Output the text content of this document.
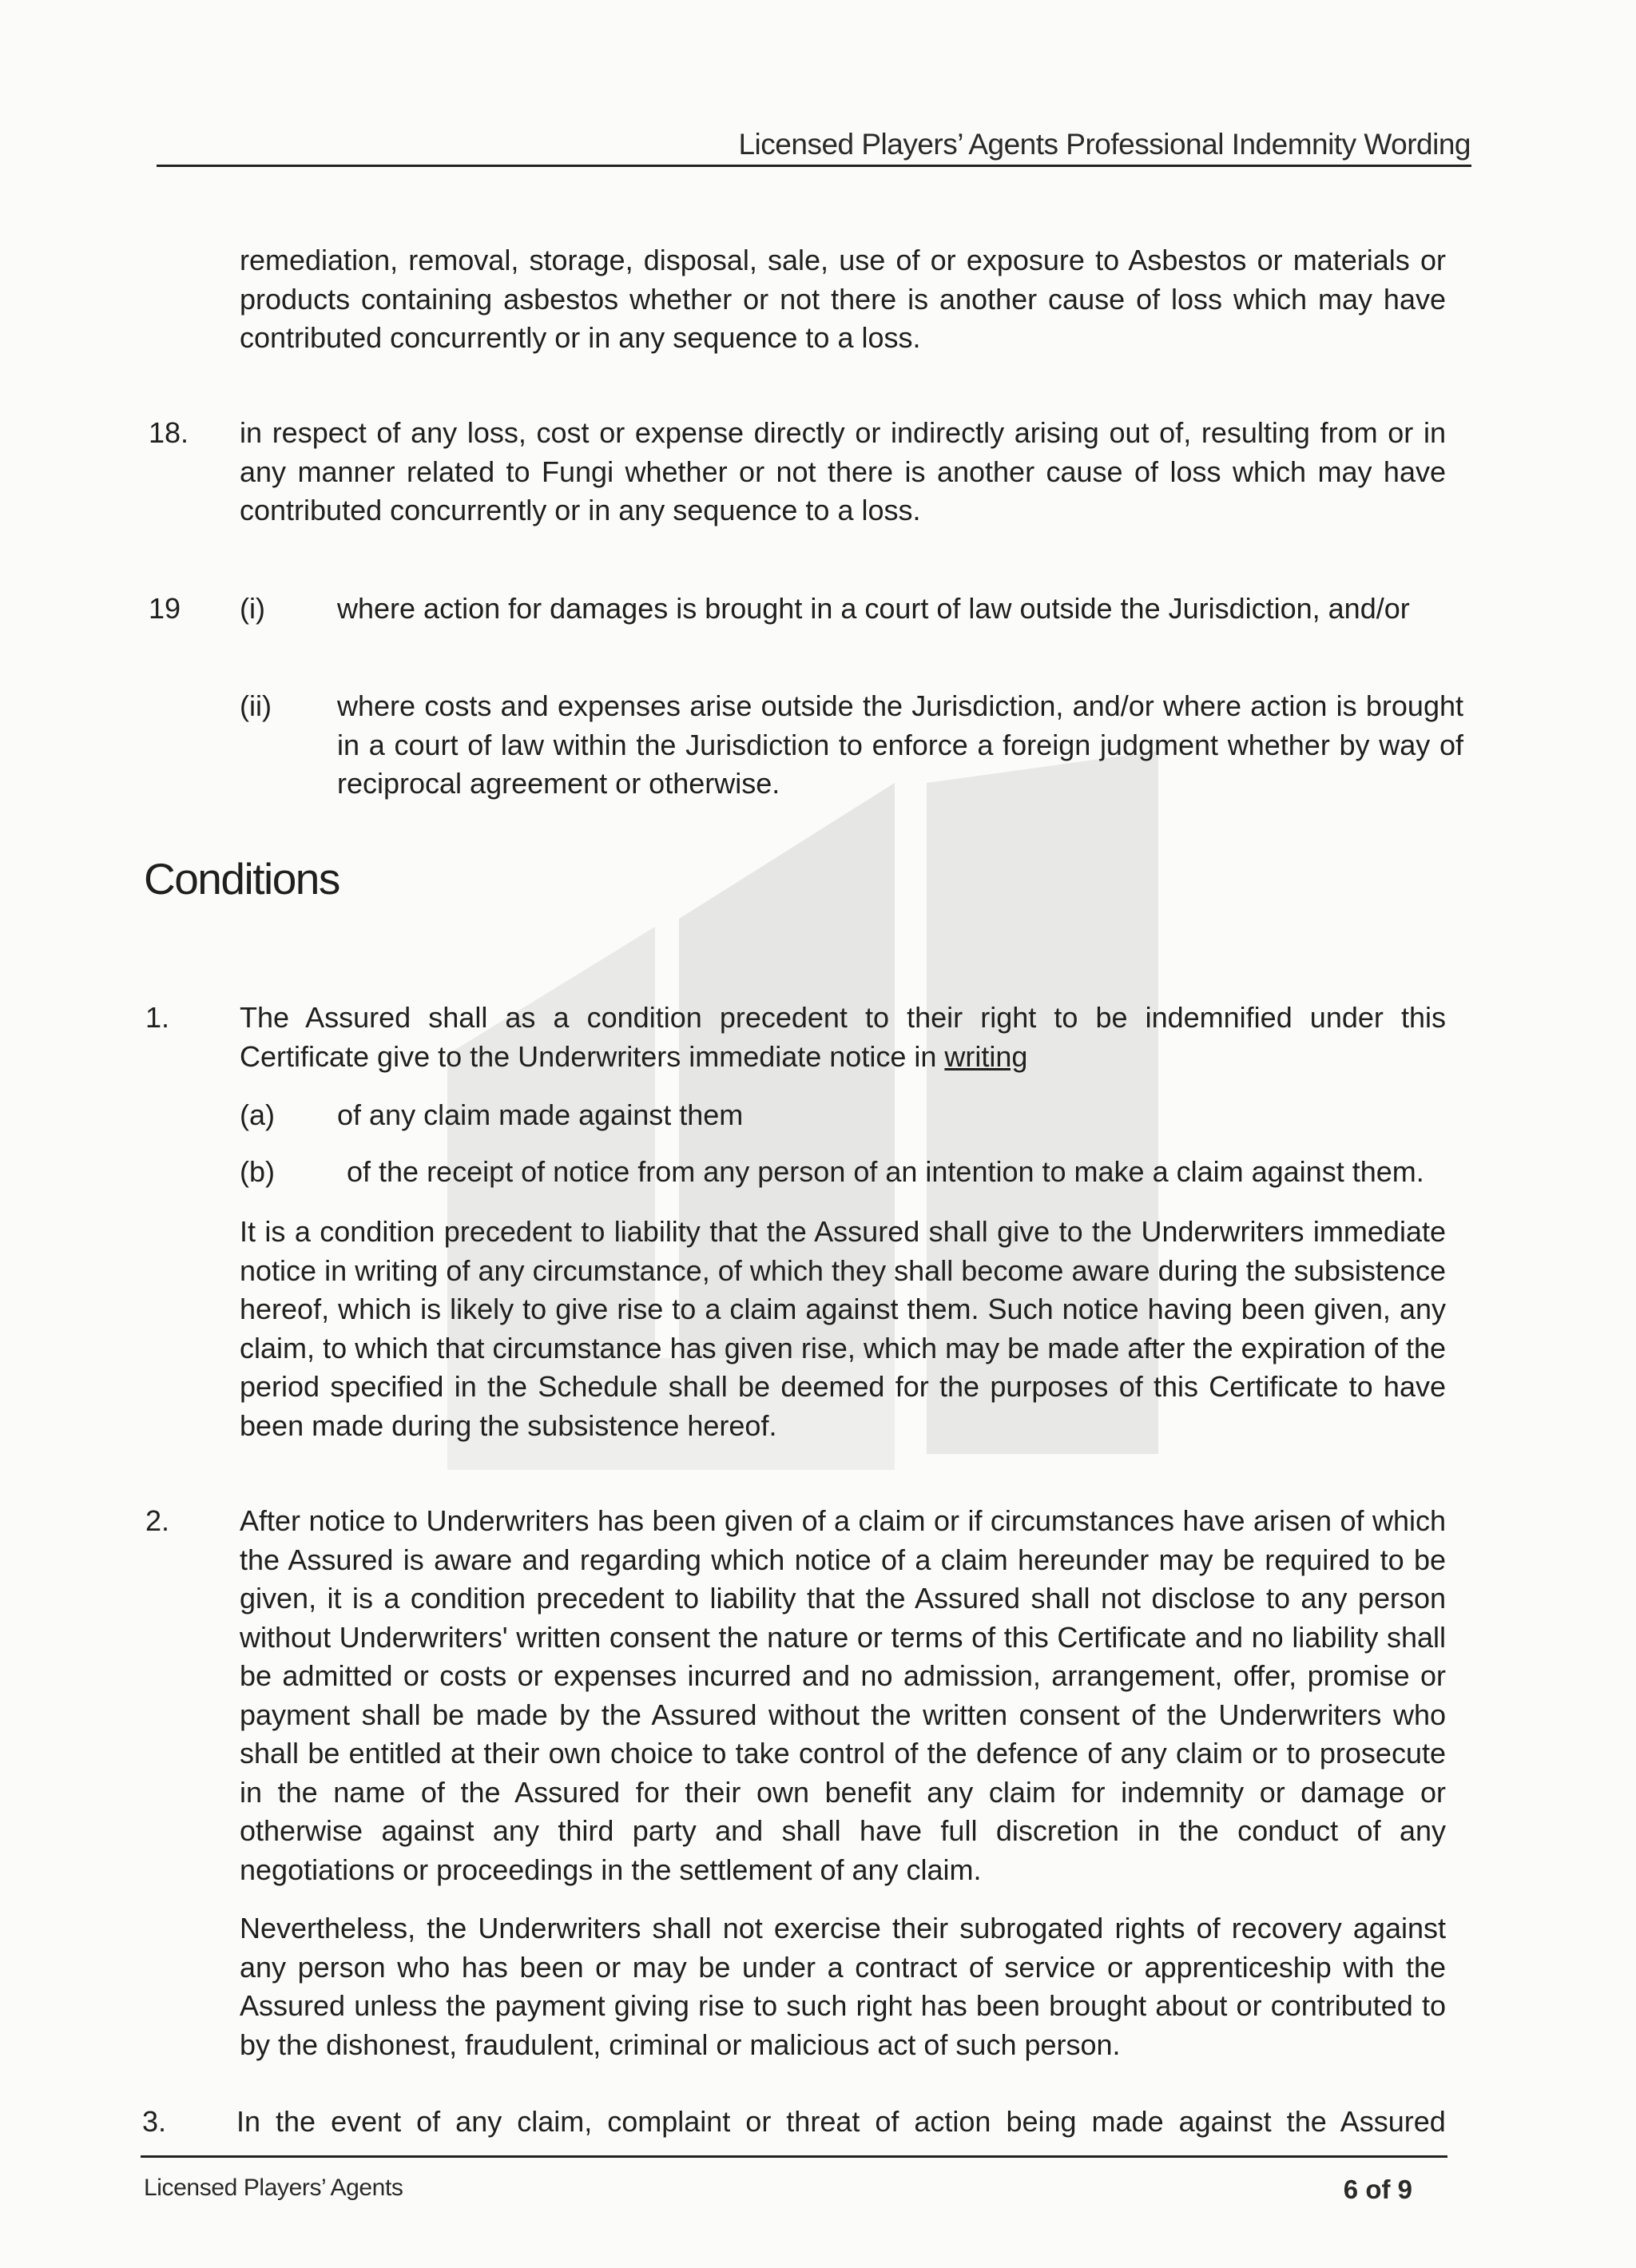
Licensed Players’ Agents Professional Indemnity Wording
remediation, removal, storage, disposal, sale, use of or exposure to Asbestos or materials or products containing asbestos whether or not there is another cause of loss which may have contributed concurrently or in any sequence to a loss.
18. in respect of any loss, cost or expense directly or indirectly arising out of, resulting from or in any manner related to Fungi whether or not there is another cause of loss which may have contributed concurrently or in any sequence to a loss.
19 (i)	where action for damages is brought in a court of law outside the Jurisdiction, and/or
(ii) where costs and expenses arise outside the Jurisdiction, and/or where action is brought in a court of law within the Jurisdiction to enforce a foreign judgment whether by way of reciprocal agreement or otherwise.
Conditions
1. The Assured shall as a condition precedent to their right to be indemnified under this Certificate give to the Underwriters immediate notice in writing
(a) of any claim made against them
(b)	of the receipt of notice from any person of an intention to make a claim against them.
It is a condition precedent to liability that the Assured shall give to the Underwriters immediate notice in writing of any circumstance, of which they shall become aware during the subsistence hereof, which is likely to give rise to a claim against them. Such notice having been given, any claim, to which that circumstance has given rise, which may be made after the expiration of the period specified in the Schedule shall be deemed for the purposes of this Certificate to have been made during the subsistence hereof.
2. After notice to Underwriters has been given of a claim or if circumstances have arisen of which the Assured is aware and regarding which notice of a claim hereunder may be required to be given, it is a condition precedent to liability that the Assured shall not disclose to any person without Underwriters' written consent the nature or terms of this Certificate and no liability shall be admitted or costs or expenses incurred and no admission, arrangement, offer, promise or payment shall be made by the Assured without the written consent of the Underwriters who shall be entitled at their own choice to take control of the defence of any claim or to prosecute in the name of the Assured for their own benefit any claim for indemnity or damage or otherwise against any third party and shall have full discretion in the conduct of any negotiations or proceedings in the settlement of any claim.
Nevertheless, the Underwriters shall not exercise their subrogated rights of recovery against any person who has been or may be under a contract of service or apprenticeship with the Assured unless the payment giving rise to such right has been brought about or contributed to by the dishonest, fraudulent, criminal or malicious act of such person.
3. In the event of any claim, complaint or threat of action being made against the Assured
Licensed Players’ Agents	6 of 9
